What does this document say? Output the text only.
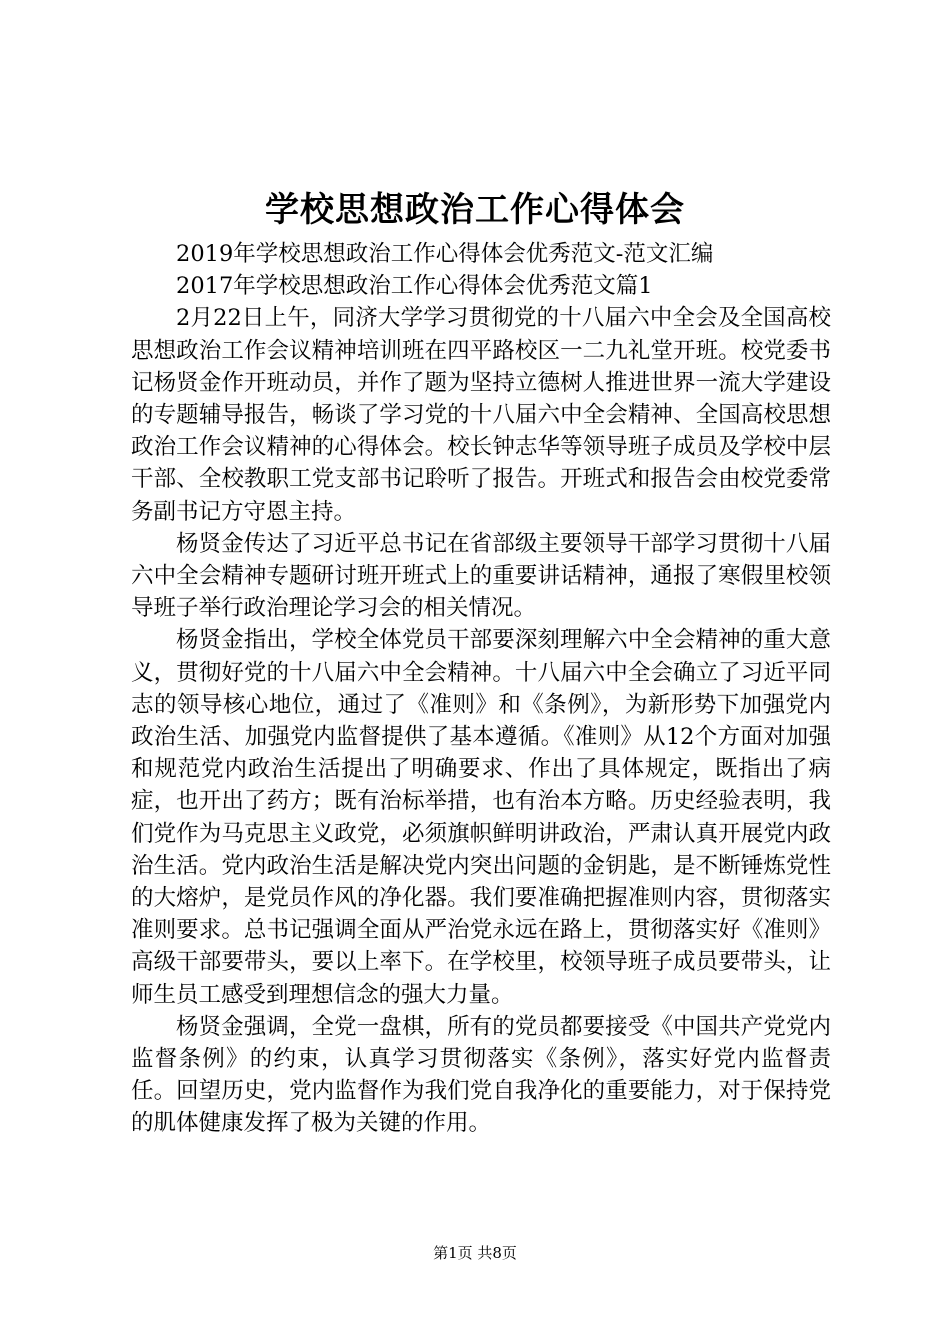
学校思想政治工作心得体会

2019年学校思想政治工作心得体会优秀范文-范文汇编

2017年学校思想政治工作心得体会优秀范文篇1

2月22日上午，同济大学学习贯彻党的十八届六中全会及全国高校思想政治工作会议精神培训班在四平路校区一二九礼堂开班。校党委书记杨贤金作开班动员，并作了题为坚持立德树人推进世界一流大学建设的专题辅导报告，畅谈了学习党的十八届六中全会精神、全国高校思想政治工作会议精神的心得体会。校长钟志华等领导班子成员及学校中层干部、全校教职工党支部书记聆听了报告。开班式和报告会由校党委常务副书记方守恩主持。

杨贤金传达了习近平总书记在省部级主要领导干部学习贯彻十八届六中全会精神专题研讨班开班式上的重要讲话精神，通报了寒假里校领导班子举行政治理论学习会的相关情况。

杨贤金指出，学校全体党员干部要深刻理解六中全会精神的重大意义，贯彻好党的十八届六中全会精神。十八届六中全会确立了习近平同志的领导核心地位，通过了《准则》和《条例》，为新形势下加强党内政治生活、加强党内监督提供了基本遵循。《准则》从12个方面对加强和规范党内政治生活提出了明确要求、作出了具体规定，既指出了病症，也开出了药方；既有治标举措，也有治本方略。历史经验表明，我们党作为马克思主义政党，必须旗帜鲜明讲政治，严肃认真开展党内政治生活。党内政治生活是解决党内突出问题的金钥匙，是不断锤炼党性的大熔炉，是党员作风的净化器。我们要准确把握准则内容，贯彻落实准则要求。总书记强调全面从严治党永远在路上，贯彻落实好《准则》高级干部要带头，要以上率下。在学校里，校领导班子成员要带头，让师生员工感受到理想信念的强大力量。

杨贤金强调，全党一盘棋，所有的党员都要接受《中国共产党党内监督条例》的约束，认真学习贯彻落实《条例》，落实好党内监督责任。回望历史，党内监督作为我们党自我净化的重要能力，对于保持党的肌体健康发挥了极为关键的作用。

第1页 共8页
